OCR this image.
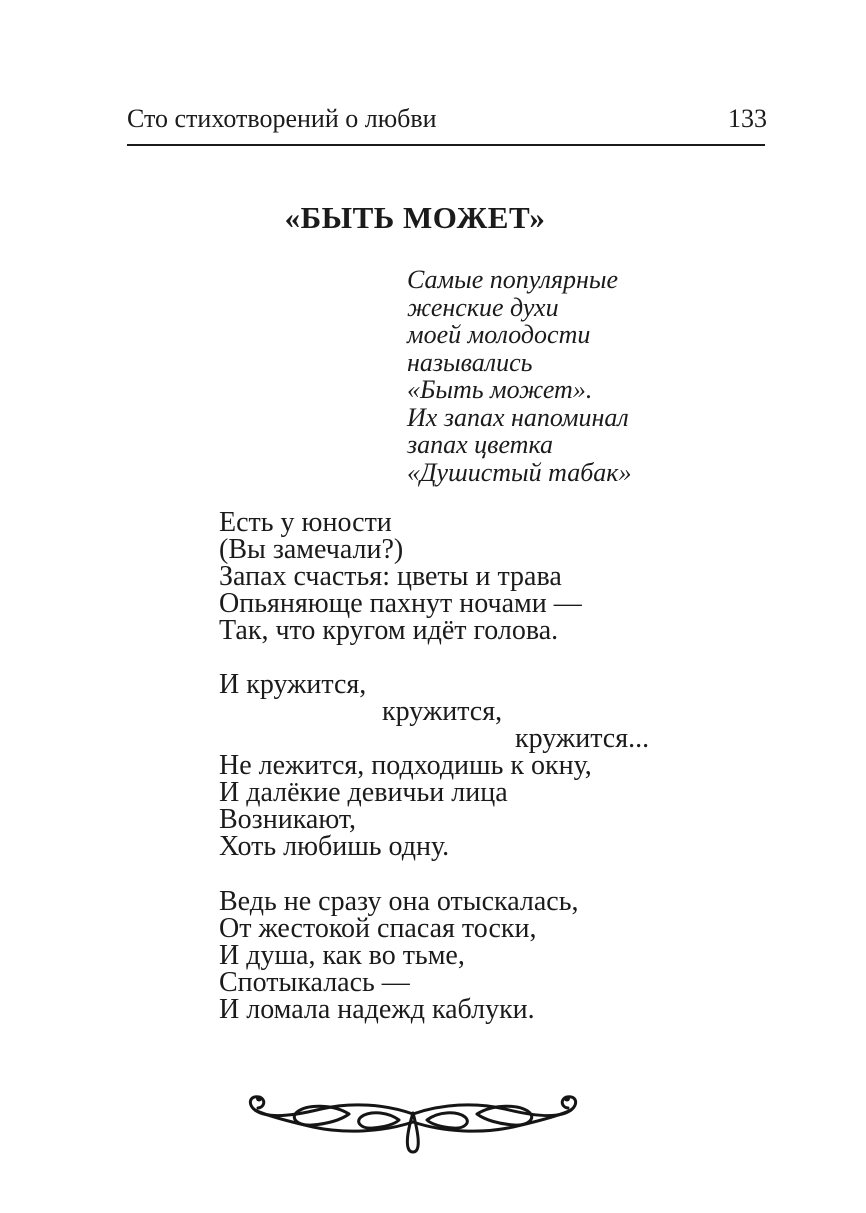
Сто стихотворений о любви	133
«БЫТЬ МОЖЕТ»
Самые популярные
женские духи
моей молодости
назывались
«Быть может».
Их запах напоминал
запах цветка
«Душистый табак»
Есть у юности
(Вы замечали?)
Запах счастья: цветы и трава
Опьяняюще пахнут ночами —
Так, что кругом идёт голова.
И кружится,
кружится,
кружится...
Не лежится, подходишь к окну,
И далёкие девичьи лица
Возникают,
Хоть любишь одну.
Ведь не сразу она отыскалась,
От жестокой спасая тоски,
И душа, как во тьме,
Спотыкалась —
И ломала надежд каблуки.
